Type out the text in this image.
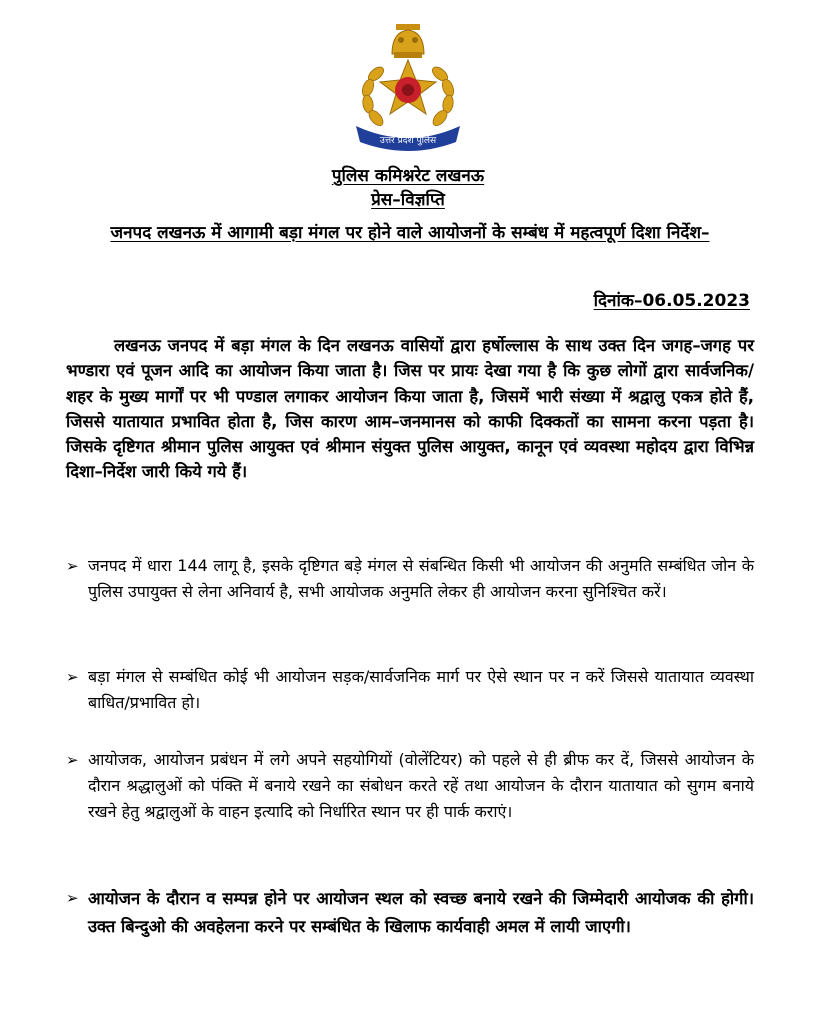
उत्तर प्रदेश पुलिस
पुलिस कमिश्नरेट लखनऊ
प्रेस–विज्ञप्ति
जनपद लखनऊ में आगामी बड़ा मंगल पर होने वाले आयोजनों के सम्बंध में महत्वपूर्ण दिशा निर्देश–
दिनांक–06.05.2023

लखनऊ जनपद में बड़ा मंगल के दिन लखनऊ वासियों द्वारा हर्षोल्लास के साथ उक्त दिन जगह–जगह पर भण्डारा एवं पूजन आदि का आयोजन किया जाता है। जिस पर प्रायः देखा गया है कि कुछ लोगों द्वारा सार्वजनिक/शहर के मुख्य मार्गों पर भी पण्डाल लगाकर आयोजन किया जाता है, जिसमें भारी संख्या में श्रद्वालु एकत्र होते हैं, जिससे यातायात प्रभावित होता है, जिस कारण आम–जनमानस को काफी दिक्कतों का सामना करना पड़ता है। जिसके दृष्टिगत श्रीमान पुलिस आयुक्त एवं श्रीमान संयुक्त पुलिस आयुक्त, कानून एवं व्यवस्था महोदय द्वारा विभिन्न दिशा–निर्देश जारी किये गये हैं।

➢ जनपद में धारा 144 लागू है, इसके दृष्टिगत बड़े मंगल से संबन्धित किसी भी आयोजन की अनुमति सम्बंधित जोन के पुलिस उपायुक्त से लेना अनिवार्य है, सभी आयोजक अनुमति लेकर ही आयोजन करना सुनिश्चित करें।
➢ बड़ा मंगल से सम्बंधित कोई भी आयोजन सड़क/सार्वजनिक मार्ग पर ऐसे स्थान पर न करें जिससे यातायात व्यवस्था बाधित/प्रभावित हो।
➢ आयोजक, आयोजन प्रबंधन में लगे अपने सहयोगियों (वोलेंटियर) को पहले से ही ब्रीफ कर दें, जिससे आयोजन के दौरान श्रद्धालुओं को पंक्ति में बनाये रखने का संबोधन करते रहें तथा आयोजन के दौरान यातायात को सुगम बनाये रखने हेतु श्रद्वालुओं के वाहन इत्यादि को निर्धारित स्थान पर ही पार्क कराएं।
➢ आयोजन के दौरान व सम्पन्न होने पर आयोजन स्थल को स्वच्छ बनाये रखने की जिम्मेदारी आयोजक की होगी। उक्त बिन्दुओ की अवहेलना करने पर सम्बंधित के खिलाफ कार्यवाही अमल में लायी जाएगी।
